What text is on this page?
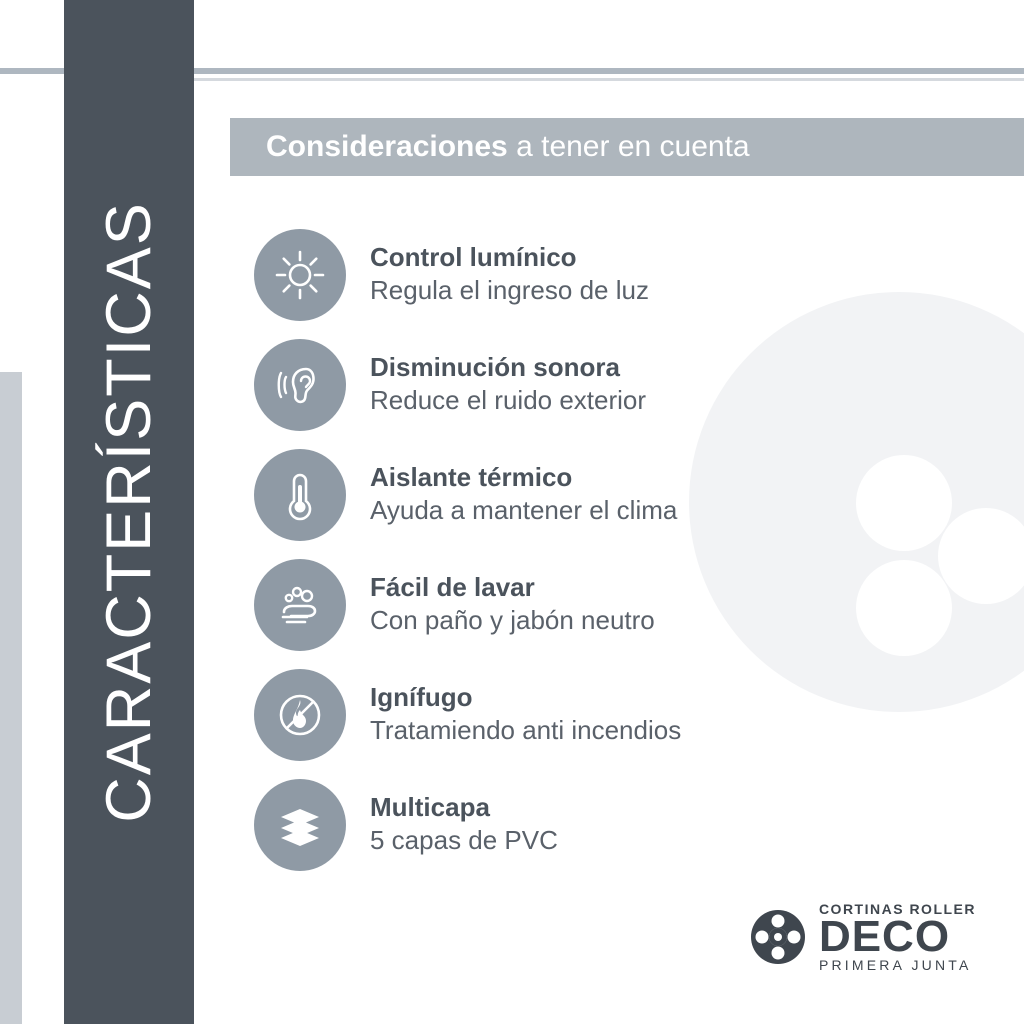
CARACTERÍSTICAS
Consideraciones a tener en cuenta
Control lumínico
Regula el ingreso de luz
Disminución sonora
Reduce el ruido exterior
Aislante térmico
Ayuda a mantener el clima
Fácil de lavar
Con paño y jabón neutro
Ignífugo
Tratamiendo anti incendios
Multicapa
5 capas de PVC
CORTINAS ROLLER
DECO
PRIMERA JUNTA
